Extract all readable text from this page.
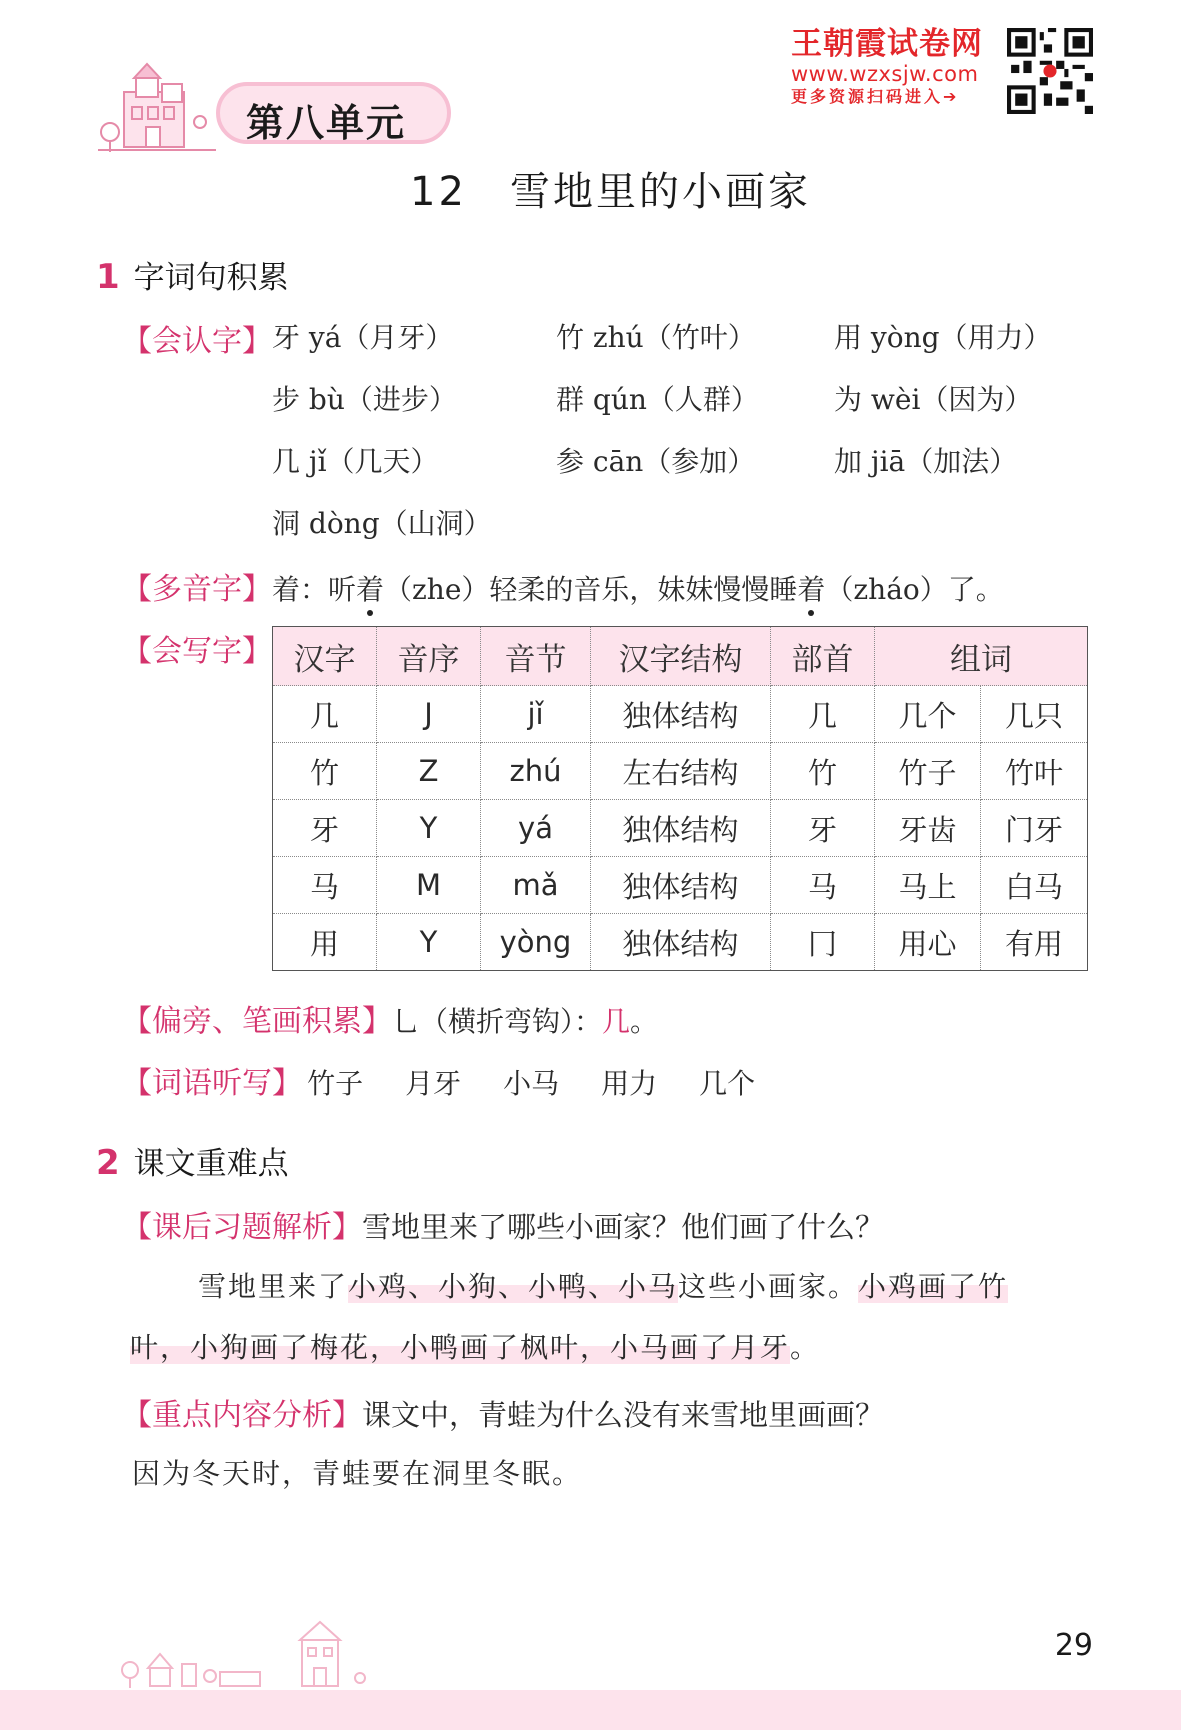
第八单元
王朝霞试卷网
www.wzxsjw.com
更多资源扫码进入➔
12　雪地里的小画家
1 字词句积累
【会认字】 牙 yá（月牙）	竹 zhú（竹叶）	用 yòng（用力）
步 bù（进步）	群 qún（人群）	为 wèi（因为）
几 jǐ（几天）	参 cān（参加）	加 jiā（加法）
洞 dòng（山洞）
【多音字】着：听着（zhe）轻柔的音乐，妹妹慢慢睡着（zháo）了。
【会写字】 汉字	音序	音节	汉字结构	部首	组词	
几	J	jǐ	独体结构	几	几个	几只
竹	Z	zhú	左右结构	竹	竹子	竹叶
牙	Y	yá	独体结构	牙	牙齿	门牙
马	M	mǎ	独体结构	马	马上	白马
用	Y	yòng	独体结构	冂	用心	有用
【偏旁、笔画积累】乚（横折弯钩）：几。
【词语听写】 竹子 月牙 小马 用力 几个
2 课文重难点
【课后习题解析】雪地里来了哪些小画家？他们画了什么？
雪地里来了小鸡、小狗、小鸭、小马这些小画家。小鸡画了竹
叶，小狗画了梅花，小鸭画了枫叶，小马画了月牙。
【重点内容分析】课文中，青蛙为什么没有来雪地里画画？
因为冬天时，青蛙要在洞里冬眠。
29
